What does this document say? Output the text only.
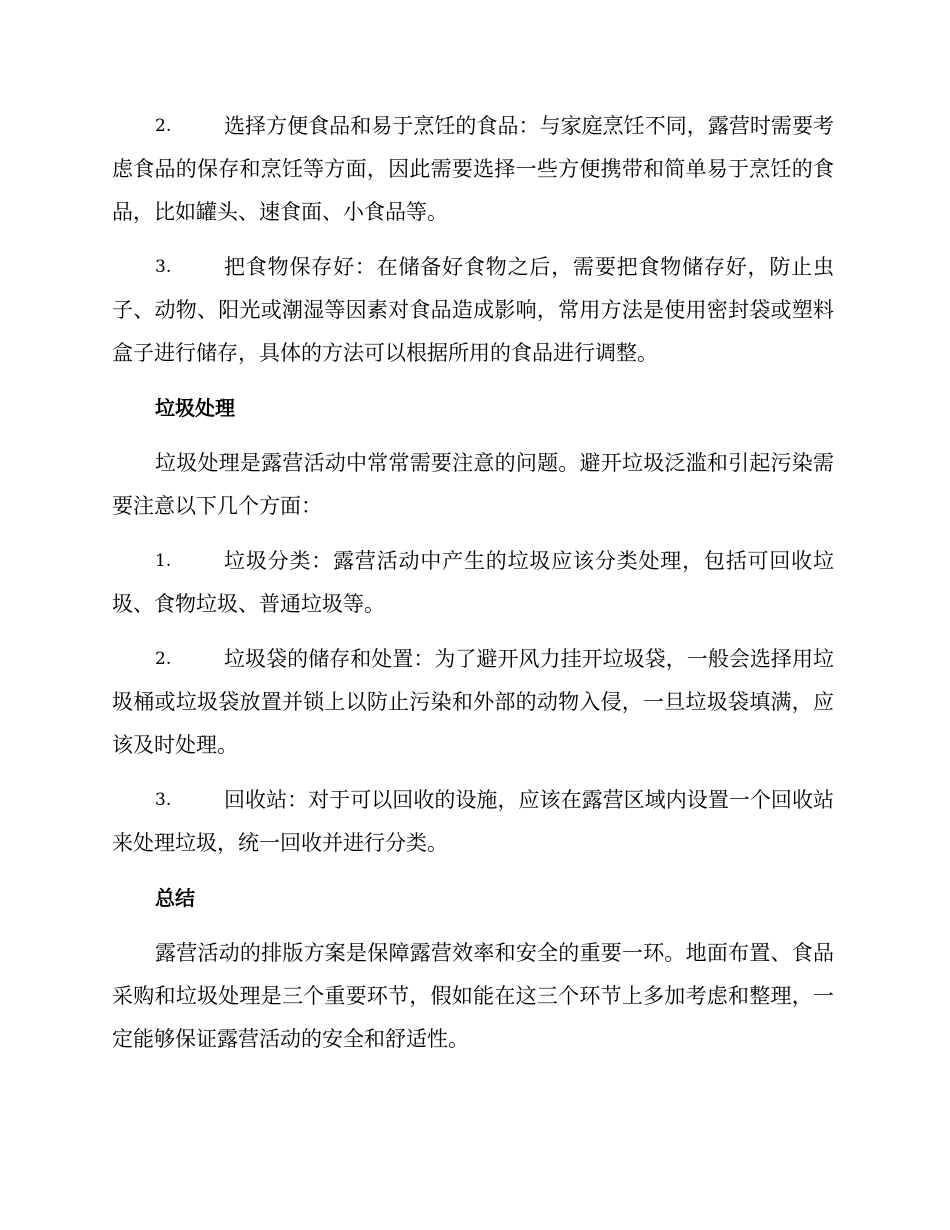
2.	选择方便食品和易于烹饪的食品：与家庭烹饪不同，露营时需要考虑食品的保存和烹饪等方面，因此需要选择一些方便携带和简单易于烹饪的食品，比如罐头、速食面、小食品等。
3.	把食物保存好：在储备好食物之后，需要把食物储存好，防止虫子、动物、阳光或潮湿等因素对食品造成影响，常用方法是使用密封袋或塑料盒子进行储存，具体的方法可以根据所用的食品进行调整。
垃圾处理

垃圾处理是露营活动中常常需要注意的问题。避开垃圾泛滥和引起污染需要注意以下几个方面：

1.	垃圾分类：露营活动中产生的垃圾应该分类处理，包括可回收垃圾、食物垃圾、普通垃圾等。
2.	垃圾袋的储存和处置：为了避开风力挂开垃圾袋，一般会选择用垃圾桶或垃圾袋放置并锁上以防止污染和外部的动物入侵，一旦垃圾袋填满，应该及时处理。
3.	回收站：对于可以回收的设施，应该在露营区域内设置一个回收站来处理垃圾，统一回收并进行分类。
总结

露营活动的排版方案是保障露营效率和安全的重要一环。地面布置、食品采购和垃圾处理是三个重要环节，假如能在这三个环节上多加考虑和整理，一定能够保证露营活动的安全和舒适性。
